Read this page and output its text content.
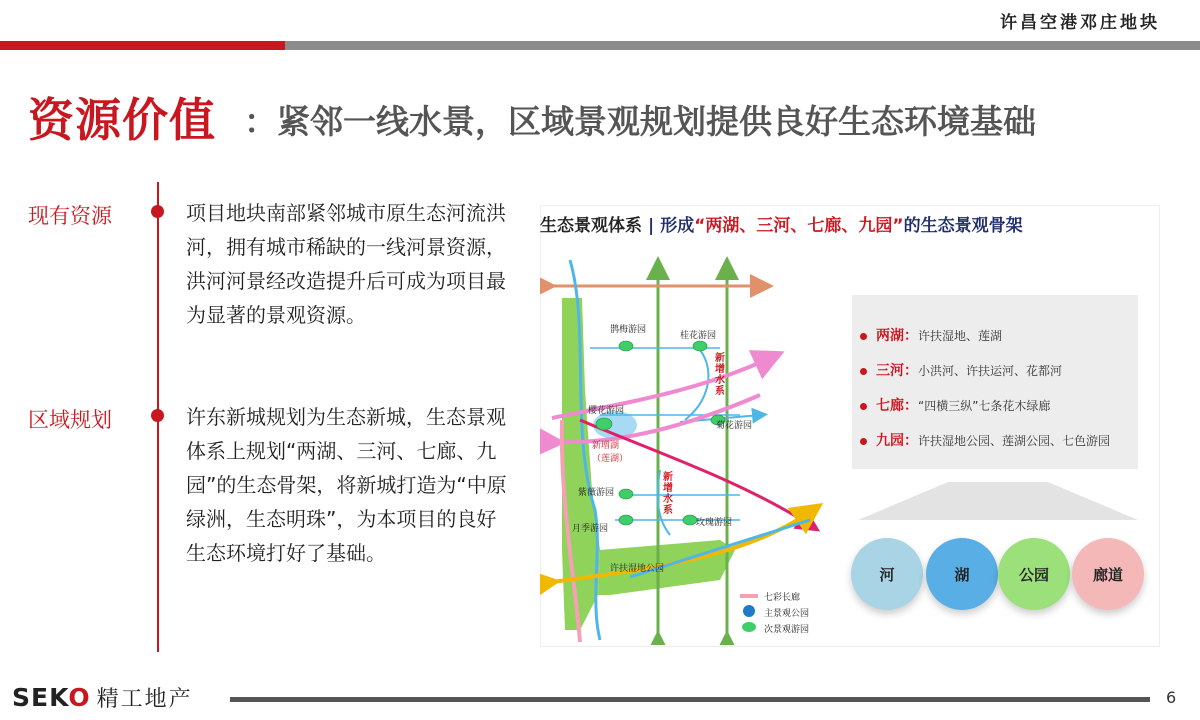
许昌空港邓庄地块
资源价值 ：紧邻一线水景，区域景观规划提供良好生态环境基础
现有资源	项目地块南部紧邻城市原生态河流洪河，拥有城市稀缺的一线河景资源，洪河河景经改造提升后可成为项目最为显著的景观资源。
区域规划	许东新城规划为生态新城，生态景观体系上规划“两湖、三河、七廊、九园”的生态骨架，将新城打造为“中原绿洲，生态明珠”，为本项目的良好生态环境打好了基础。
生态景观体系 | 形成“两湖、三河、七廊、九园”的生态景观骨架
鹊梅游园
桂花游园
樱花游园
菊花游园
紫薇游园
月季游园
玫瑰游园
许扶湿地公园
新增水系
新增水系
新增湖（莲湖）
七彩长廊
主景观公园
次景观游园
两湖：许扶湿地、莲湖
三河：小洪河、许扶运河、花都河
七廊：“四横三纵”七条花木绿廊
九园：许扶湿地公园、莲湖公园、七色游园
河	湖	公园	廊道
SEKO 精工地产	6
